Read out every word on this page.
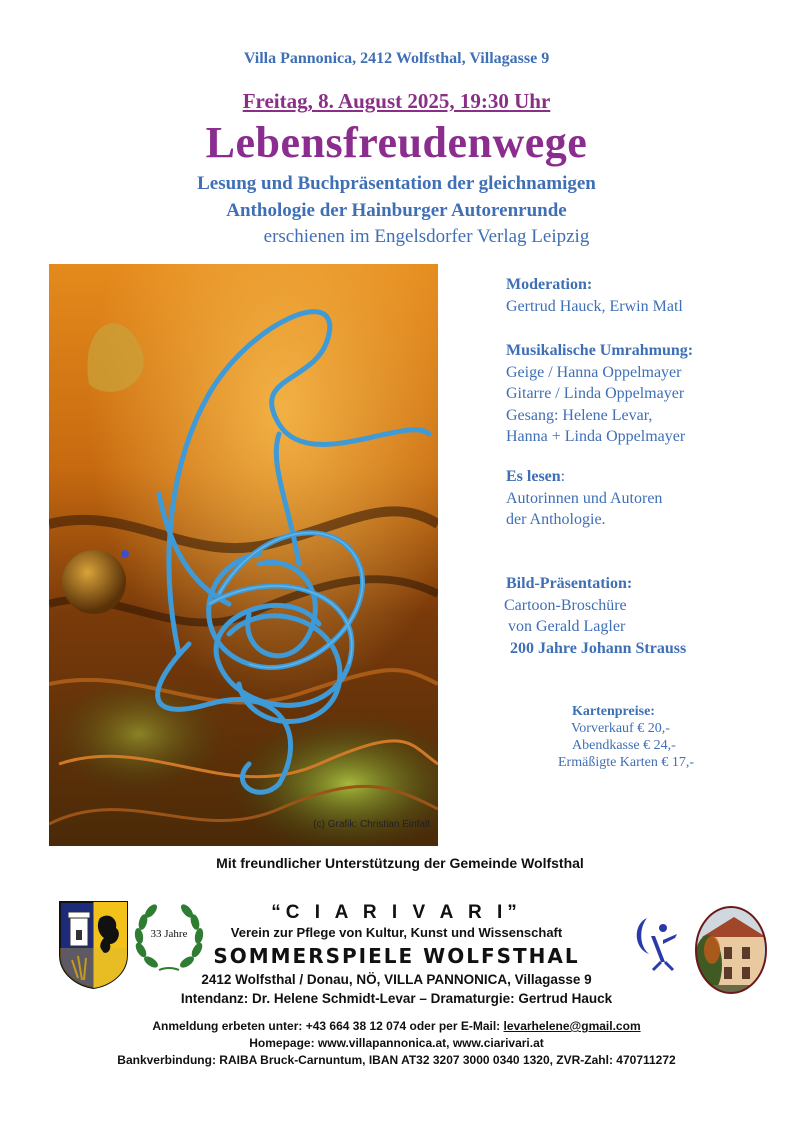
Villa Pannonica, 2412 Wolfsthal, Villagasse 9
Freitag, 8. August 2025, 19:30 Uhr
Lebensfreudenwege
Lesung und Buchpräsentation der gleichnamigen
Anthologie der Hainburger Autorenrunde
erschienen im Engelsdorfer Verlag Leipzig
(c) Grafik: Christian Einfalt
Moderation:
Gertrud Hauck, Erwin Matl
Musikalische Umrahmung:
Geige / Hanna Oppelmayer
Gitarre / Linda Oppelmayer
Gesang: Helene Levar,
Hanna + Linda Oppelmayer
Es lesen:
Autorinnen und Autoren
der Anthologie.
Bild-Präsentation:
Cartoon-Broschüre
von Gerald Lagler
200 Jahre Johann Strauss
Kartenpreise:
Vorverkauf € 20,-
Abendkasse € 24,-
Ermäßigte Karten € 17,-
Mit freundlicher Unterstützung der Gemeinde Wolfsthal
33 Jahre
“C I A R I V A R I”
Verein zur Pflege von Kultur, Kunst und Wissenschaft
SOMMERSPIELE WOLFSTHAL
2412 Wolfsthal / Donau, NÖ, VILLA PANNONICA, Villagasse 9
Intendanz: Dr. Helene Schmidt-Levar – Dramaturgie: Gertrud Hauck
Anmeldung erbeten unter: +43 664 38 12 074 oder per E-Mail: levarhelene@gmail.com
Homepage: www.villapannonica.at, www.ciarivari.at
Bankverbindung: RAIBA Bruck-Carnuntum, IBAN AT32 3207 3000 0340 1320, ZVR-Zahl: 470711272
